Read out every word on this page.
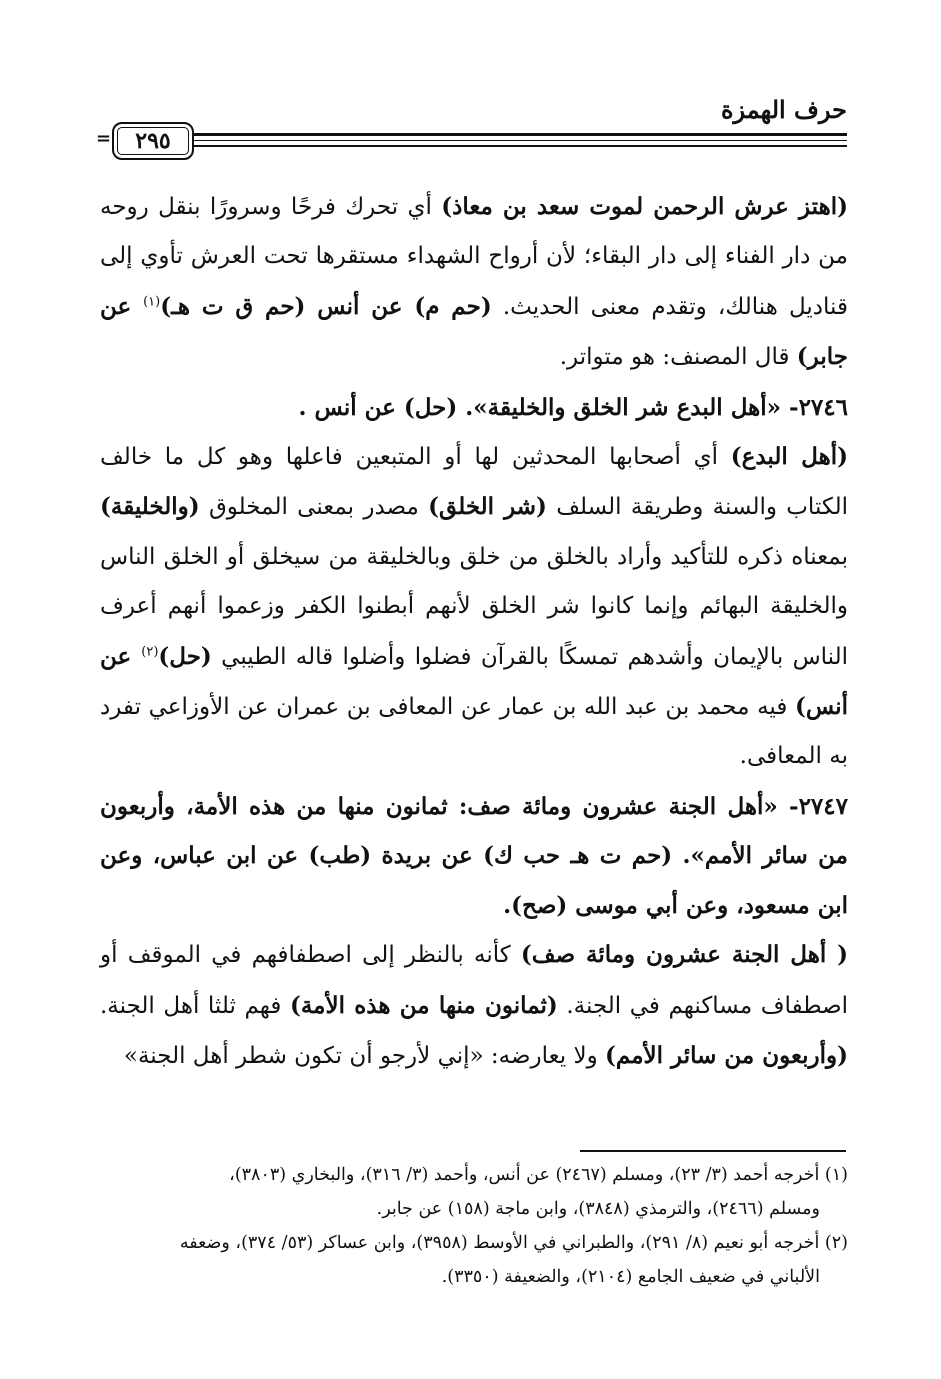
حرف الهمزة
٢٩٥
=

(اهتز عرش الرحمن لموت سعد بن معاذ) أي تحرك فرحًا وسرورًا بنقل روحه من دار الفناء إلى دار البقاء؛ لأن أرواح الشهداء مستقرها تحت العرش تأوي إلى قناديل هنالك، وتقدم معنى الحديث. (حم م) عن أنس (حم ق ت هـ)$^{(١)}$ عن جابر) قال المصنف: هو متواتر.

٢٧٤٦- «أهل البدع شر الخلق والخليقة». (حل) عن أنس .

(أهل البدع) أي أصحابها المحدثين لها أو المتبعين فاعلها وهو كل ما خالف الكتاب والسنة وطريقة السلف (شر الخلق) مصدر بمعنى المخلوق (والخليقة) بمعناه ذكره للتأكيد وأراد بالخلق من خلق وبالخليقة من سيخلق أو الخلق الناس والخليقة البهائم وإنما كانوا شر الخلق لأنهم أبطنوا الكفر وزعموا أنهم أعرف الناس بالإيمان وأشدهم تمسكًا بالقرآن فضلوا وأضلوا قاله الطيبي (حل)$^{(٢)}$ عن أنس) فيه محمد بن عبد الله بن عمار عن المعافى بن عمران عن الأوزاعي تفرد به المعافى.

٢٧٤٧- «أهل الجنة عشرون ومائة صف: ثمانون منها من هذه الأمة، وأربعون من سائر الأمم». (حم ت هـ حب ك) عن بريدة (طب) عن ابن عباس، وعن ابن مسعود، وعن أبي موسى (صح).

( أهل الجنة عشرون ومائة صف) كأنه بالنظر إلى اصطفافهم في الموقف أو اصطفاف مساكنهم في الجنة. (ثمانون منها من هذه الأمة) فهم ثلثا أهل الجنة. (وأربعون من سائر الأمم) ولا يعارضه: «إني لأرجو أن تكون شطر أهل الجنة»

(١) أخرجه أحمد (٣/ ٢٣)، ومسلم (٢٤٦٧) عن أنس، وأحمد (٣/ ٣١٦)، والبخاري (٣٨٠٣)،
ومسلم (٢٤٦٦)، والترمذي (٣٨٤٨)، وابن ماجة (١٥٨) عن جابر.

(٢) أخرجه أبو نعيم (٨/ ٢٩١)، والطبراني في الأوسط (٣٩٥٨)، وابن عساكر (٥٣/ ٣٧٤)، وضعفه
الألباني في ضعيف الجامع (٢١٠٤)، والضعيفة (٣٣٥٠).
